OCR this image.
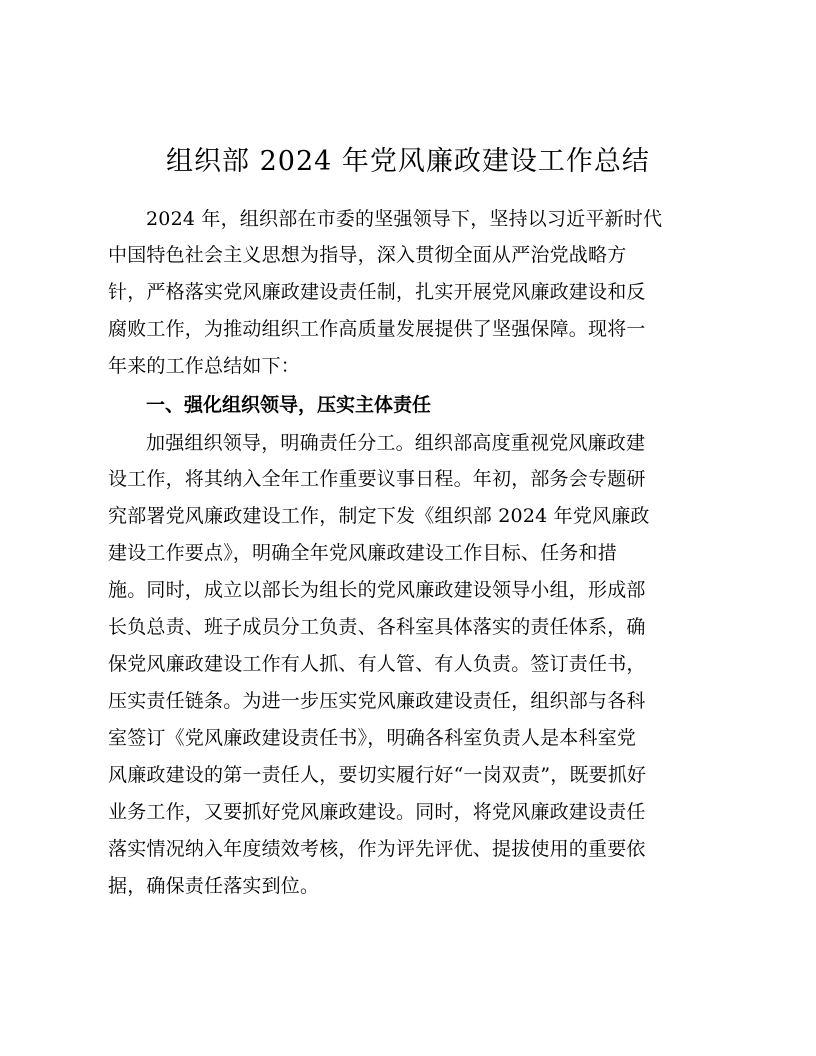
组织部 2024 年党风廉政建设工作总结
2024 年，组织部在市委的坚强领导下，坚持以习近平新时代
中国特色社会主义思想为指导，深入贯彻全面从严治党战略方
针，严格落实党风廉政建设责任制，扎实开展党风廉政建设和反
腐败工作，为推动组织工作高质量发展提供了坚强保障。现将一
年来的工作总结如下：
一、强化组织领导，压实主体责任
加强组织领导，明确责任分工。组织部高度重视党风廉政建
设工作，将其纳入全年工作重要议事日程。年初，部务会专题研
究部署党风廉政建设工作，制定下发《组织部 2024 年党风廉政
建设工作要点》，明确全年党风廉政建设工作目标、任务和措
施。同时，成立以部长为组长的党风廉政建设领导小组，形成部
长负总责、班子成员分工负责、各科室具体落实的责任体系，确
保党风廉政建设工作有人抓、有人管、有人负责。签订责任书，
压实责任链条。为进一步压实党风廉政建设责任，组织部与各科
室签订《党风廉政建设责任书》，明确各科室负责人是本科室党
风廉政建设的第一责任人，要切实履行好“一岗双责”，既要抓好
业务工作，又要抓好党风廉政建设。同时，将党风廉政建设责任
落实情况纳入年度绩效考核，作为评先评优、提拔使用的重要依
据，确保责任落实到位。
